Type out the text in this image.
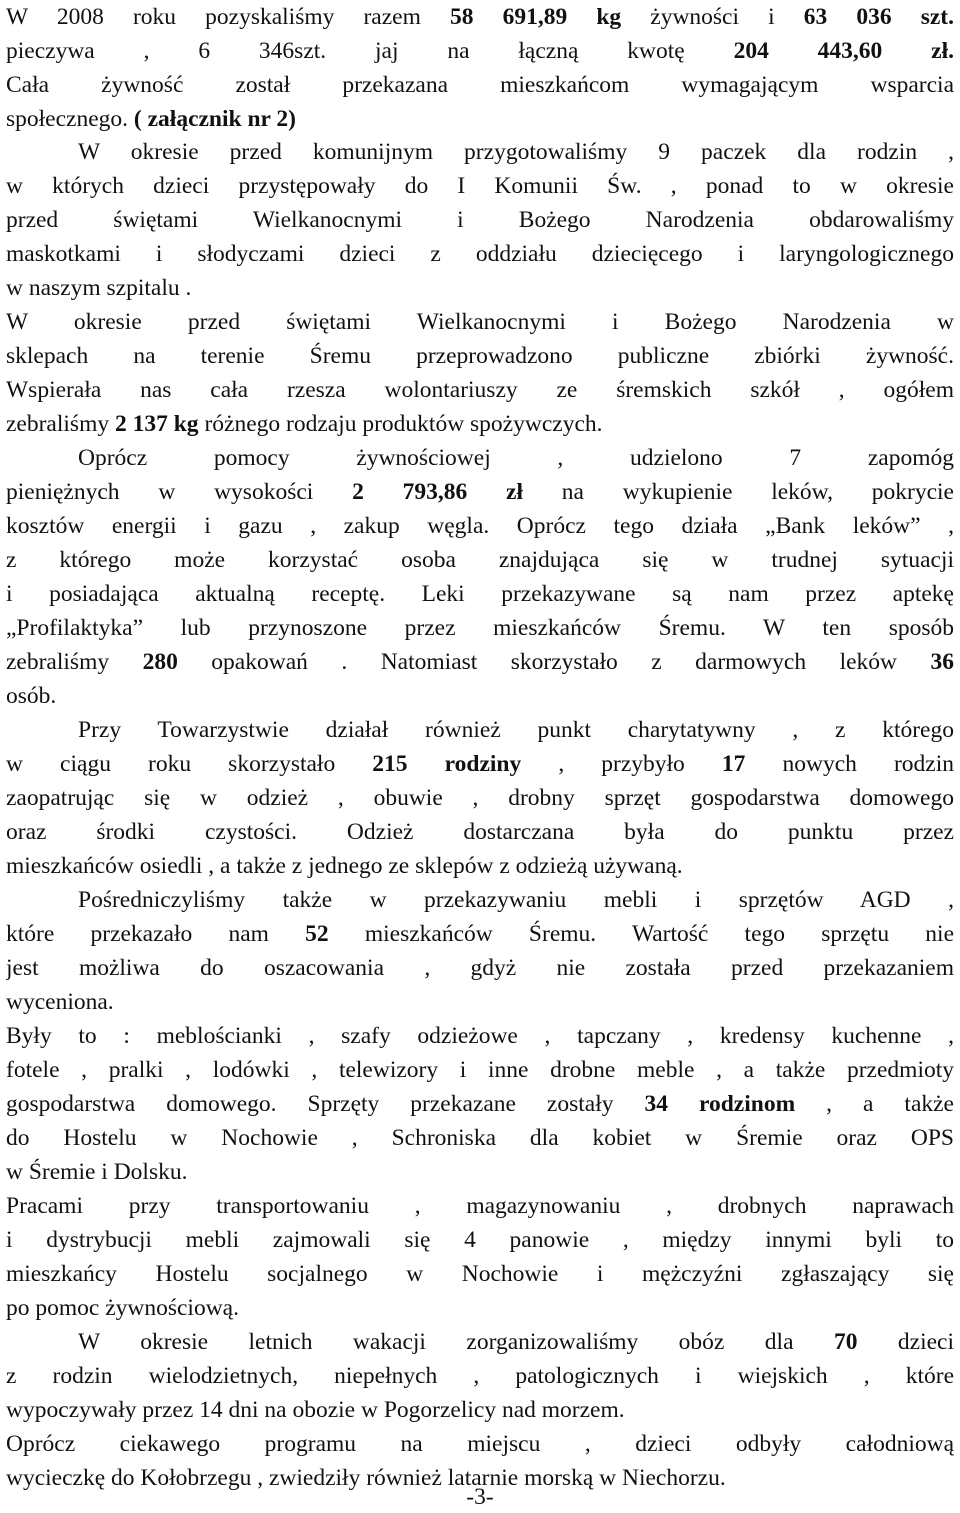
W 2008 roku pozyskaliśmy razem 58 691,89 kg żywności i 63 036 szt.
pieczywa , 6 346szt. jaj na łączną kwotę 204 443,60 zł.
Cała żywność został przekazana mieszkańcom wymagającym wsparcia
społecznego. ( załącznik nr 2)
W okresie przed komunijnym przygotowaliśmy 9 paczek dla rodzin ,
w których dzieci przystępowały do I Komunii Św. , ponad to w okresie
przed świętami Wielkanocnymi i Bożego Narodzenia obdarowaliśmy
maskotkami i słodyczami dzieci z oddziału dziecięcego i laryngologicznego
w naszym szpitalu .
W okresie przed świętami Wielkanocnymi i Bożego Narodzenia w
sklepach na terenie Śremu przeprowadzono publiczne zbiórki żywność.
Wspierała nas cała rzesza wolontariuszy ze śremskich szkół , ogółem
zebraliśmy 2 137 kg różnego rodzaju produktów spożywczych.
Oprócz pomocy żywnościowej , udzielono 7 zapomóg
pieniężnych w wysokości 2 793,86 zł na wykupienie leków, pokrycie
kosztów energii i gazu , zakup węgla. Oprócz tego działa „Bank leków” ,
z którego może korzystać osoba znajdująca się w trudnej sytuacji
i posiadająca aktualną receptę. Leki przekazywane są nam przez aptekę
„Profilaktyka” lub przynoszone przez mieszkańców Śremu. W ten sposób
zebraliśmy 280 opakowań . Natomiast skorzystało z darmowych leków 36
osób.
Przy Towarzystwie działał również punkt charytatywny , z którego
w ciągu roku skorzystało 215 rodziny , przybyło 17 nowych rodzin
zaopatrując się w odzież , obuwie , drobny sprzęt gospodarstwa domowego
oraz środki czystości. Odzież dostarczana była do punktu przez
mieszkańców osiedli , a także z jednego ze sklepów z odzieżą używaną.
Pośredniczyliśmy także w przekazywaniu mebli i sprzętów AGD ,
które przekazało nam 52 mieszkańców Śremu. Wartość tego sprzętu nie
jest możliwa do oszacowania , gdyż nie została przed przekazaniem
wyceniona.
Były to : meblościanki , szafy odzieżowe , tapczany , kredensy kuchenne ,
fotele , pralki , lodówki , telewizory i inne drobne meble , a także przedmioty
gospodarstwa domowego. Sprzęty przekazane zostały 34 rodzinom , a także
do Hostelu w Nochowie , Schroniska dla kobiet w Śremie oraz OPS
w Śremie i Dolsku.
Pracami przy transportowaniu , magazynowaniu , drobnych naprawach
i dystrybucji mebli zajmowali się 4 panowie , między innymi byli to
mieszkańcy Hostelu socjalnego w Nochowie i mężczyźni zgłaszający się
po pomoc żywnościową.
W okresie letnich wakacji zorganizowaliśmy obóz dla 70 dzieci
z rodzin wielodzietnych, niepełnych , patologicznych i wiejskich , które
wypoczywały przez 14 dni na obozie w Pogorzelicy nad morzem.
Oprócz ciekawego programu na miejscu , dzieci odbyły całodniową
wycieczkę do Kołobrzegu , zwiedziły również latarnie morską w Niechorzu.
-3-
